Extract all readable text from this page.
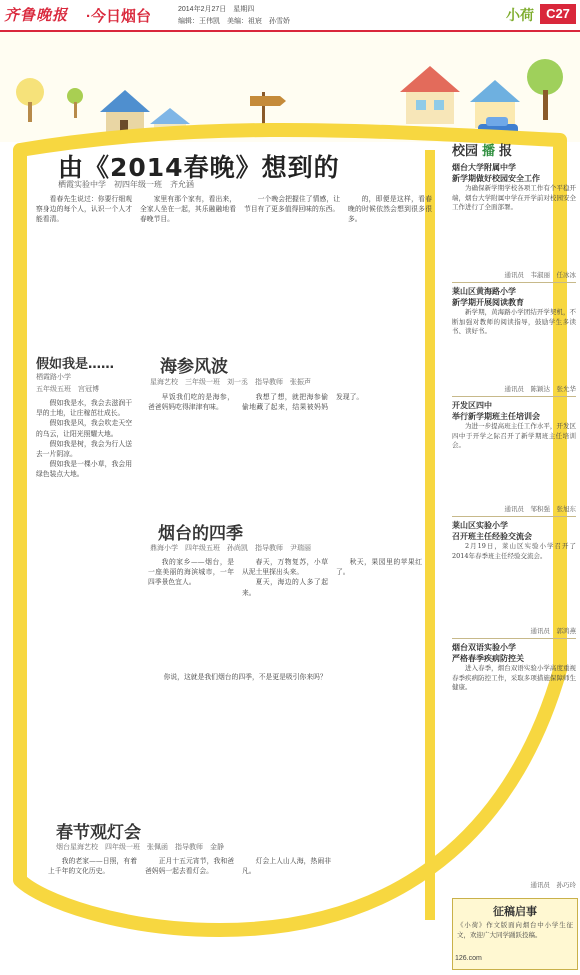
齐鲁晚报 ·今日烟台	2014年2月27日　星期四
编辑：王伟凯　美编：祖宸　孙雪娇	小荷 C27
由《2014春晚》想到的
栖霞实验中学　初四年级一班　齐允涵

看春先生说过：你要行细观察身边的每个人，认识一个人才能看清。

家里有那个家有，看出来，全家人坐在一起，其乐融融地看春晚节目。

一个晚会把握住了情感，让节目有了更多值得回味的东西。

的，即便是这样，看春晚的时候依然会想到很多很多。

假如我是……
栖霞路小学
五年级五班　宫冠博

假如我是水，我会去滋润干旱的土地，让庄稼茁壮成长。

假如我是风，我会吹走天空的乌云，让阳光照耀大地。

假如我是树，我会为行人送去一片阴凉。

假如我是一棵小草，我会用绿色装点大地。

海参风波
星海艺校　三年级一班　刘一丞　指导教师　张振声

早饭我们吃的是海参，爸爸妈妈吃得津津有味。

我想了想，就把海参偷偷地藏了起来，结果被妈妈发现了。

烟台的四季
鼎海小学　四年级五班　孙尚凯　指导教师　尹瑞丽

我的家乡——烟台，是一座美丽的海滨城市，一年四季景色宜人。

春天，万物复苏，小草从泥土里探出头来。

夏天，海边的人多了起来。

秋天，果园里的苹果红了。

你说，这就是我们烟台的四季，不是更是吸引你来吗？

春节观灯会
烟台星海艺校　四年级一班　张佩函　指导教师　金静

我的老家——日照，有着上千年的文化历史。

正月十五元宵节，我和爸爸妈妈一起去看灯会。

灯会上人山人海，热闹非凡。

校园 播 报
烟台大学附属中学
新学期做好校园安全工作

为确保新学期学校各项工作有个平稳开端，烟台大学附属中学在开学前对校园安全工作进行了全面部署。

通讯员　韦淑丽　任冰冰
莱山区黄海路小学
新学期开展阅读教育

新学期，黄海路小学团结开学契机，不断加强对教师的阅读指导，鼓励学生多读书、读好书。

通讯员　陈颖达　张允华
开发区四中
举行新学期班主任培训会

为进一步提高班主任工作水平，开发区四中于开学之际召开了新学期班主任培训会。

通讯员　邹积强　张旭东
莱山区实验小学
召开班主任经验交流会

2月19日，莱山区实验小学召开了2014年春季班主任经验交流会。

通讯员　郭鸿燕
烟台双语实验小学
严格春季疾病防控关

进入春季，烟台双语实验小学高度重视春季疾病防控工作，采取多项措施保障师生健康。

通讯员　孙巧玲
征稿启事
《小荷》作文版面向烟台中小学生征文，欢迎广大同学踊跃投稿。
126.com
